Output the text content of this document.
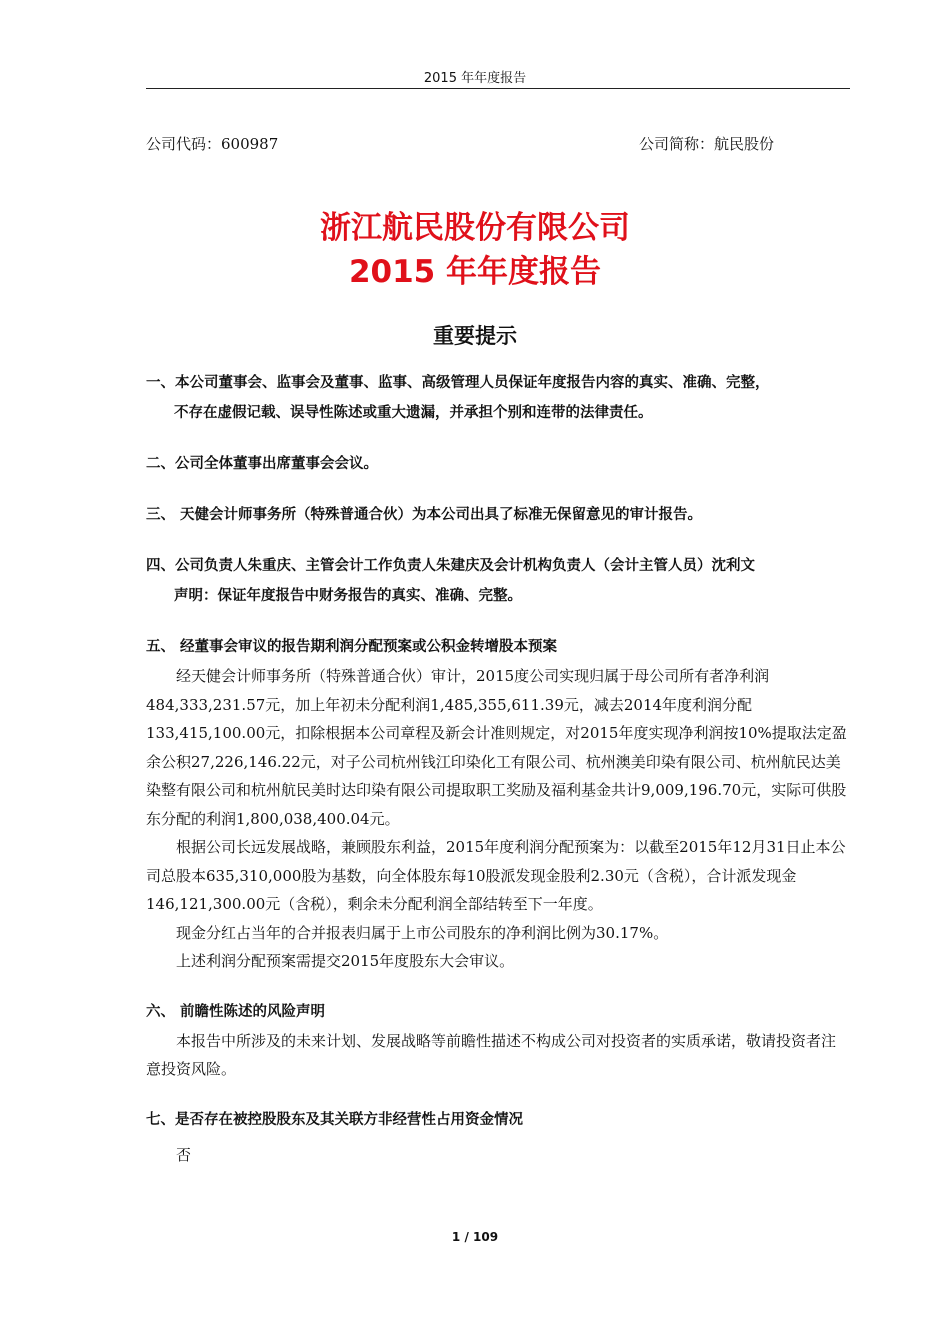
2015 年年度报告
公司代码：600987	公司简称：航民股份
浙江航民股份有限公司
2015 年年度报告
重要提示
一、 本公司董事会、监事会及董事、监事、高级管理人员保证年度报告内容的真实、准确、完整，
不存在虚假记载、误导性陈述或重大遗漏，并承担个别和连带的法律责任。
二、 公司全体董事出席董事会会议。
三、 天健会计师事务所（特殊普通合伙）为本公司出具了标准无保留意见的审计报告。
四、 公司负责人朱重庆、主管会计工作负责人朱建庆及会计机构负责人（会计主管人员）沈利文
声明：保证年度报告中财务报告的真实、准确、完整。
五、 经董事会审议的报告期利润分配预案或公积金转增股本预案
经天健会计师事务所（特殊普通合伙）审计，2015度公司实现归属于母公司所有者净利润484,333,231.57元，加上年初未分配利润1,485,355,611.39元，减去2014年度利润分配133,415,100.00元，扣除根据本公司章程及新会计准则规定，对2015年度实现净利润按10%提取法定盈余公积27,226,146.22元，对子公司杭州钱江印染化工有限公司、杭州澳美印染有限公司、杭州航民达美染整有限公司和杭州航民美时达印染有限公司提取职工奖励及福利基金共计9,009,196.70元，实际可供股东分配的利润1,800,038,400.04元。
根据公司长远发展战略，兼顾股东利益，2015年度利润分配预案为：以截至2015年12月31日止本公司总股本635,310,000股为基数，向全体股东每10股派发现金股利2.30元（含税），合计派发现金146,121,300.00元（含税），剩余未分配利润全部结转至下一年度。
现金分红占当年的合并报表归属于上市公司股东的净利润比例为30.17%。
上述利润分配预案需提交2015年度股东大会审议。
六、 前瞻性陈述的风险声明
本报告中所涉及的未来计划、发展战略等前瞻性描述不构成公司对投资者的实质承诺，敬请投资者注意投资风险。
七、 是否存在被控股股东及其关联方非经营性占用资金情况
否
1 / 109
